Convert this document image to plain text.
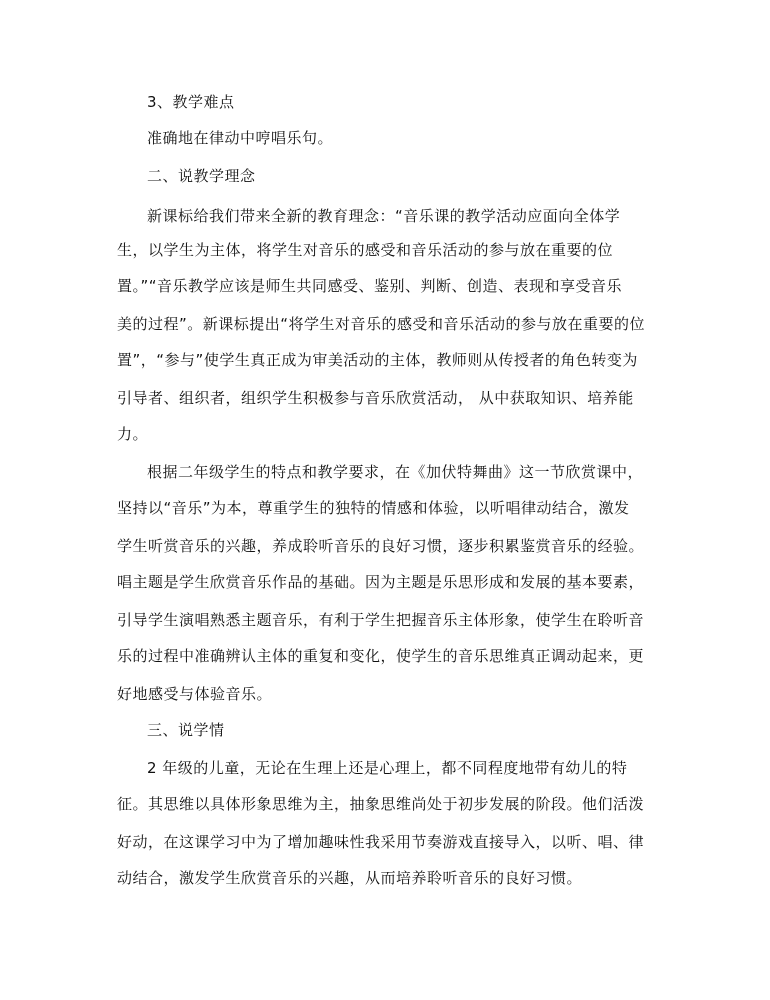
3、教学难点
准确地在律动中哼唱乐句。
二、说教学理念
新课标给我们带来全新的教育理念：“音乐课的教学活动应面向全体学
生，以学生为主体，将学生对音乐的感受和音乐活动的参与放在重要的位
置。”“音乐教学应该是师生共同感受、鉴别、判断、创造、表现和享受音乐
美的过程”。新课标提出“将学生对音乐的感受和音乐活动的参与放在重要的位
置”，“参与”使学生真正成为审美活动的主体，教师则从传授者的角色转变为
引导者、组织者，组织学生积极参与音乐欣赏活动， 从中获取知识、培养能
力。
根据二年级学生的特点和教学要求，在《加伏特舞曲》这一节欣赏课中，
坚持以“音乐”为本，尊重学生的独特的情感和体验，以听唱律动结合，激发
学生听赏音乐的兴趣，养成聆听音乐的良好习惯，逐步积累鉴赏音乐的经验。
唱主题是学生欣赏音乐作品的基础。因为主题是乐思形成和发展的基本要素，
引导学生演唱熟悉主题音乐，有利于学生把握音乐主体形象，使学生在聆听音
乐的过程中准确辨认主体的重复和变化，使学生的音乐思维真正调动起来，更
好地感受与体验音乐。
三、说学情
2 年级的儿童，无论在生理上还是心理上，都不同程度地带有幼儿的特
征。其思维以具体形象思维为主，抽象思维尚处于初步发展的阶段。他们活泼
好动，在这课学习中为了增加趣味性我采用节奏游戏直接导入，以听、唱、律
动结合，激发学生欣赏音乐的兴趣，从而培养聆听音乐的良好习惯。
